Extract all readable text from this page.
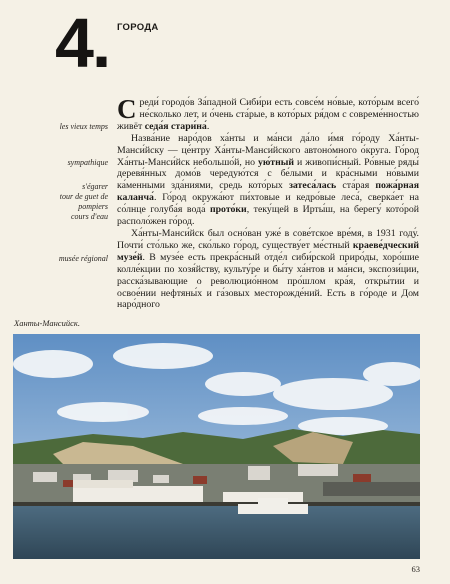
4. ГОРОДА
les vieux temps
sympathique
s'égarer
tour de guet de
pompiers
cours d'eau
musée régional

Среди́ городо́в За́падной Сиби́ри есть совсе́м но́вые, кото́рым всего́ не́сколько лет, и о́чень ста́рые, в кото́рых ря́дом с совреме́нностью живёт седа́я стари́на́.

Назва́ние наро́дов ха́нты и ма́нси да́ло и́мя го́роду Ха́нты-Манси́йску — це́нтру Ха́нты-Манси́йского автоно́много о́круга. Го́род Ха́нты-Манси́йск небольшо́й, но ую́тный и живопи́сный. Ро́вные ряды́ деревя́нных домо́в чередую́тся с бе́лыми и кра́сными но́выми ка́менными зда́ниями, средь кото́рых затеса́лась ста́рая пожа́рная каланча́. Го́род окружа́ют пи́хтовые и кедро́вые леса́, сверка́ет на со́лнце голуба́я вода́ прото́ки, теку́щей в Ирты́ш, на берегу́ кото́рой располо́жен го́род.

Ха́нты-Манси́йск был осно́ван уже́ в сове́тское вре́мя, в 1931 году́. Почти́ сто́лько же, ско́лько го́род, существу́ет ме́стный краеве́дческий музе́й. В музе́е есть прекра́сный отде́л сиби́рской приро́ды, хоро́шие колле́кции по хозя́йству, культу́ре и бы́ту ха́нтов и ма́нси, экспози́ции, расска́зывающие о революцио́нном про́шлом кра́я, откры́тии и освое́нии нефтяны́х и га́зовых месторожде́ний. Есть в го́роде и Дом наро́дного

Ханты-Мансийск.
63
